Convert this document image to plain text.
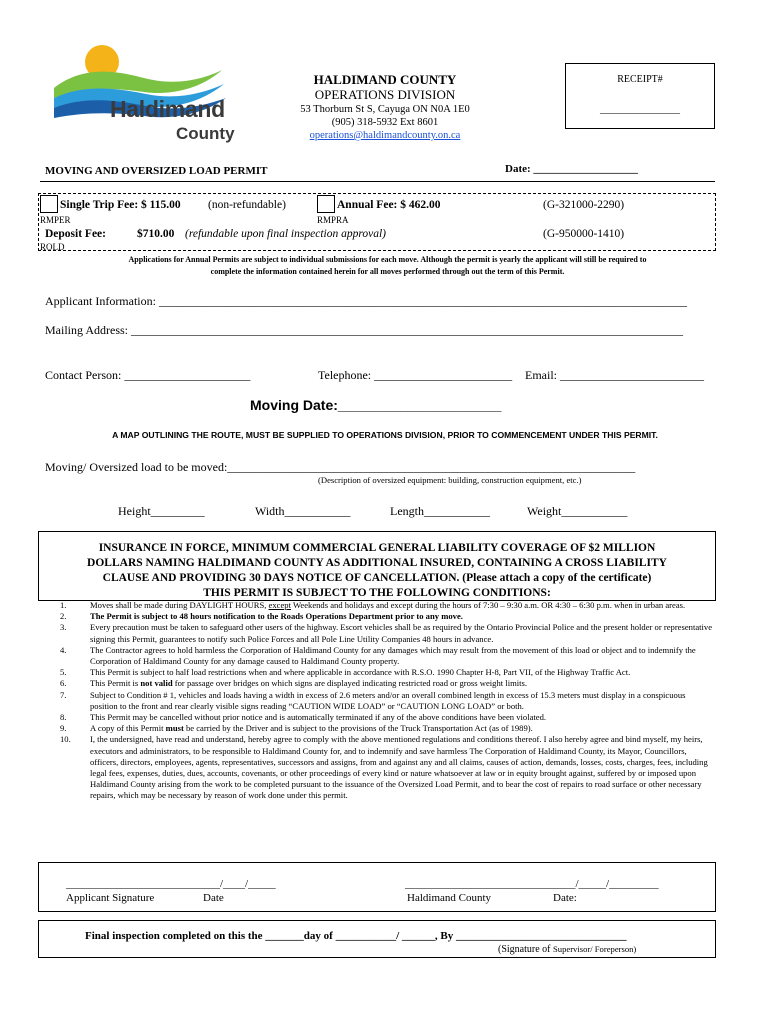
Haldimand
County
HALDIMAND COUNTY
OPERATIONS DIVISION
53 Thorburn St S, Cayuga ON N0A 1E0
(905) 318-5932 Ext 8601
operations@haldimandcounty.on.ca
RECEIPT#
________________
MOVING AND OVERSIZED LOAD PERMIT	Date: ___________________
Single Trip Fee: $ 115.00 (non-refundable)	Annual Fee: $ 462.00	(G-321000-2290)
RMPER	RMPRA
Deposit Fee:	$710.00 (refundable upon final inspection approval)	(G-950000-1410)
ROLD
Applications for Annual Permits are subject to individual submissions for each move. Although the permit is yearly the applicant will still be required to
complete the information contained herein for all moves performed through out the term of this Permit.
Applicant Information: ________________________________________________________________________________________
Mailing Address: ____________________________________________________________________________________________
Contact Person: _____________________	Telephone: _______________________ Email: ________________________
Moving Date:_____________________
A MAP OUTLINING THE ROUTE, MUST BE SUPPLIED TO OPERATIONS DIVISION, PRIOR TO COMMENCEMENT UNDER THIS PERMIT.
Moving/ Oversized load to be moved:____________________________________________________________________
(Description of oversized equipment: building, construction equipment, etc.)
Height_________	Width___________	Length___________	Weight___________
INSURANCE IN FORCE, MINIMUM COMMERCIAL GENERAL LIABILITY COVERAGE OF $2 MILLION
DOLLARS NAMING HALDIMAND COUNTY AS ADDITIONAL INSURED, CONTAINING A CROSS LIABILITY
CLAUSE AND PROVIDING 30 DAYS NOTICE OF CANCELLATION. (Please attach a copy of the certificate)
THIS PERMIT IS SUBJECT TO THE FOLLOWING CONDITIONS:
1.	Moves shall be made during DAYLIGHT HOURS, except Weekends and holidays and except during the hours of 7:30 – 9:30 a.m. OR 4:30 – 6:30 p.m. when in urban areas.
2.	The Permit is subject to 48 hours notification to the Roads Operations Department prior to any move.
3.	Every precaution must be taken to safeguard other users of the highway. Escort vehicles shall be as required by the Ontario Provincial Police and the present holder or representative signing this Permit, guarantees to notify such Police Forces and all Pole Line Utility Companies 48 hours in advance.
4.	The Contractor agrees to hold harmless the Corporation of Haldimand County for any damages which may result from the movement of this load or object and to indemnify the Corporation of Haldimand County for any damage caused to Haldimand County property.
5.	This Permit is subject to half load restrictions when and where applicable in accordance with R.S.O. 1990 Chapter H-8, Part VII, of the Highway Traffic Act.
6.	This Permit is not valid for passage over bridges on which signs are displayed indicating restricted road or gross weight limits.
7.	Subject to Condition # 1, vehicles and loads having a width in excess of 2.6 meters and/or an overall combined length in excess of 15.3 meters must display in a conspicuous position to the front and rear clearly visible signs reading “CAUTION WIDE LOAD” or “CAUTION LONG LOAD” or both.
8.	This Permit may be cancelled without prior notice and is automatically terminated if any of the above conditions have been violated.
9.	A copy of this Permit must be carried by the Driver and is subject to the provisions of the Truck Transportation Act (as of 1989).
10.	I, the undersigned, have read and understand, hereby agree to comply with the above mentioned regulations and conditions thereof. I also hereby agree and bind myself, my heirs, executors and administrators, to be responsible to Haldimand County for, and to indemnify and save harmless The Corporation of Haldimand County, its Mayor, Councillors, officers, directors, employees, agents, representatives, successors and assigns, from and against any and all claims, causes of action, demands, losses, costs, charges, fees, including legal fees, expenses, duties, dues, accounts, covenants, or other proceedings of every kind or nature whatsoever at law or in equity brought against, suffered by or imposed upon Haldimand County arising from the work to be completed pursuant to the issuance of the Oversized Load Permit, and to bear the cost of repairs to road surface or other necessary repairs, which may be necessary by reason of work done under this permit.
____________________________/____/_____
Applicant Signature	Date
_______________________________/_____/_________
Haldimand County	Date:
Final inspection completed on this the _______day of ___________/ ______, By _______________________________
(Signature of Supervisor/ Foreperson)
